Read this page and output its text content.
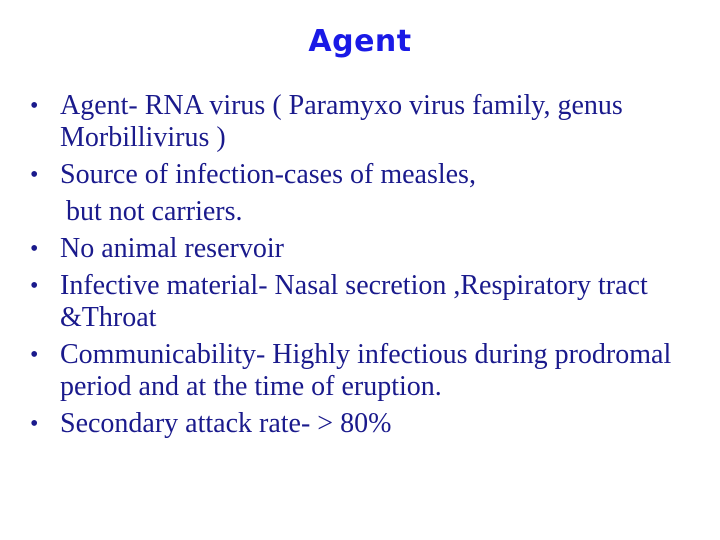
Agent
• Agent- RNA virus ( Paramyxo virus family, genus Morbillivirus )
• Source of infection-cases of measles,
but not carriers.
• No animal reservoir
• Infective material- Nasal secretion ,Respiratory tract &Throat
• Communicability- Highly infectious during prodromal period and at the time of eruption.
• Secondary attack rate- > 80%
